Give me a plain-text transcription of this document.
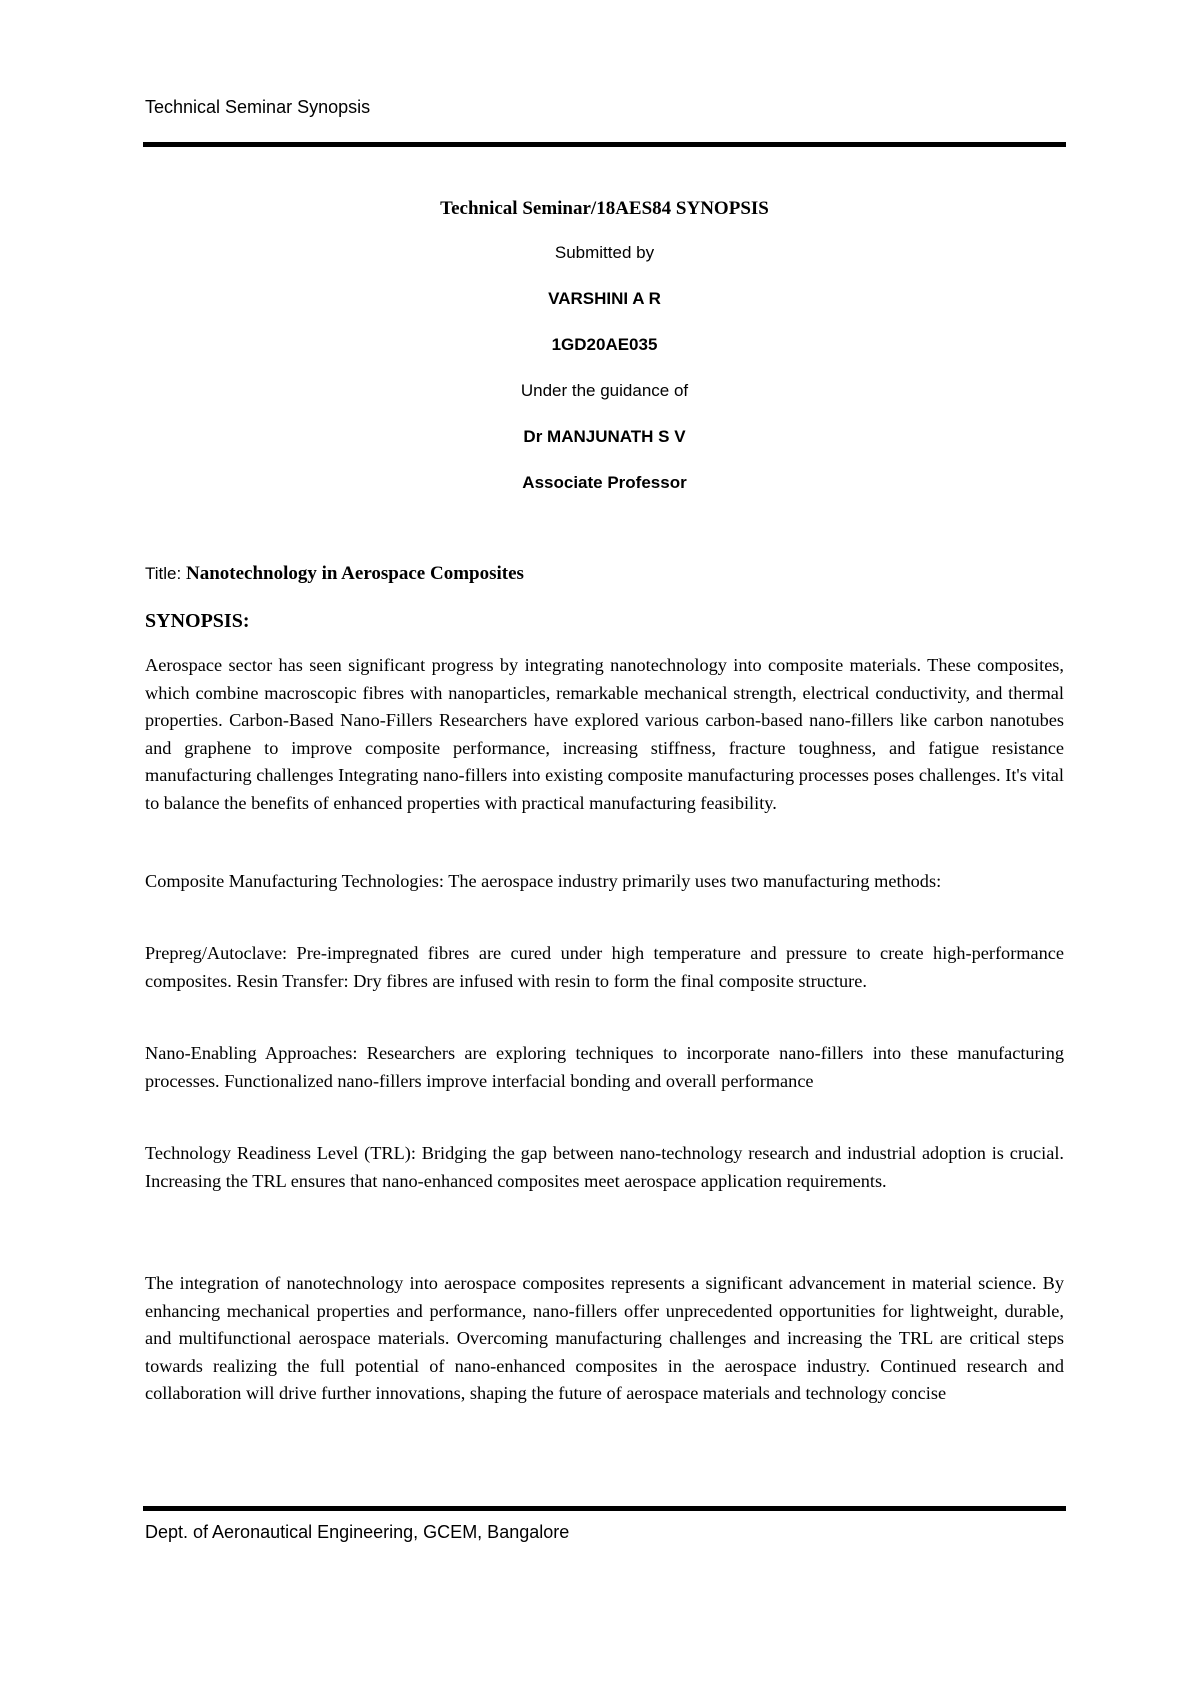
Technical Seminar Synopsis
Technical Seminar/18AES84 SYNOPSIS
Submitted by
VARSHINI A R
1GD20AE035
Under the guidance of
Dr MANJUNATH S V
Associate Professor
Title: Nanotechnology in Aerospace Composites
SYNOPSIS:

Aerospace sector has seen significant progress by integrating nanotechnology into composite materials. These composites, which combine macroscopic fibres with nanoparticles, remarkable mechanical strength, electrical conductivity, and thermal properties. Carbon-Based Nano-Fillers Researchers have explored various carbon-based nano-fillers like carbon nanotubes and graphene to improve composite performance, increasing stiffness, fracture toughness, and fatigue resistance manufacturing challenges Integrating nano-fillers into existing composite manufacturing processes poses challenges. It's vital to balance the benefits of enhanced properties with practical manufacturing feasibility.

Composite Manufacturing Technologies: The aerospace industry primarily uses two manufacturing methods:

Prepreg/Autoclave: Pre-impregnated fibres are cured under high temperature and pressure to create high-performance composites. Resin Transfer: Dry fibres are infused with resin to form the final composite structure.

Nano-Enabling Approaches: Researchers are exploring techniques to incorporate nano-fillers into these manufacturing processes. Functionalized nano-fillers improve interfacial bonding and overall performance

Technology Readiness Level (TRL): Bridging the gap between nano-technology research and industrial adoption is crucial. Increasing the TRL ensures that nano-enhanced composites meet aerospace application requirements.

The integration of nanotechnology into aerospace composites represents a significant advancement in material science. By enhancing mechanical properties and performance, nano-fillers offer unprecedented opportunities for lightweight, durable, and multifunctional aerospace materials. Overcoming manufacturing challenges and increasing the TRL are critical steps towards realizing the full potential of nano-enhanced composites in the aerospace industry. Continued research and collaboration will drive further innovations, shaping the future of aerospace materials and technology concise

Dept. of Aeronautical Engineering, GCEM, Bangalore
